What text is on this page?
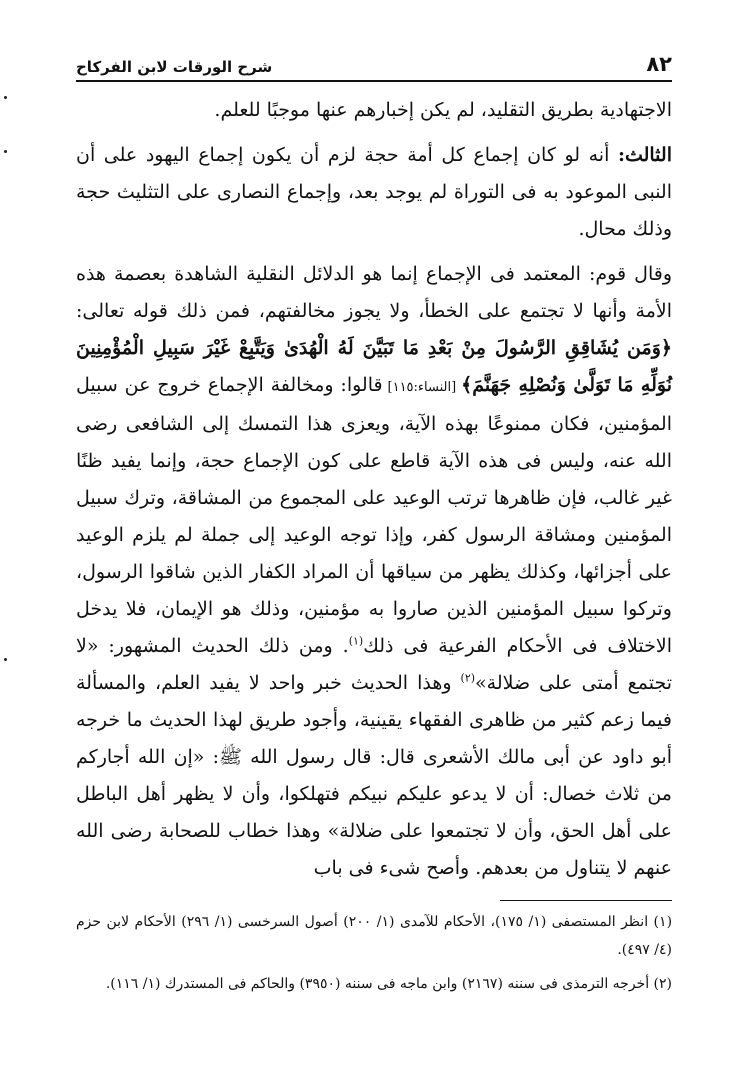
٨٢
شرح الورقات لابن الفركاح

الاجتهادية بطريق التقليد، لم يكن إخبارهم عنها موجبًا للعلم.

الثالث: أنه لو كان إجماع كل أمة حجة لزم أن يكون إجماع اليهود على أن النبى الموعود به فى التوراة لم يوجد بعد، وإجماع النصارى على التثليث حجة وذلك محال.

وقال قوم: المعتمد فى الإجماع إنما هو الدلائل النقلية الشاهدة بعصمة هذه الأمة وأنها لا تجتمع على الخطأ، ولا يجوز مخالفتهم، فمن ذلك قوله تعالى: ﴿وَمَن يُشَاقِقِ الرَّسُولَ مِنْ بَعْدِ مَا تَبَيَّنَ لَهُ الْهُدَىٰ وَيَتَّبِعْ غَيْرَ سَبِيلِ الْمُؤْمِنِينَ نُوَلِّهِ مَا تَوَلَّىٰ وَنُصْلِهِ جَهَنَّمَ﴾ [النساء:١١٥] قالوا: ومخالفة الإجماع خروج عن سبيل المؤمنين، فكان ممنوعًا بهذه الآية، ويعزى هذا التمسك إلى الشافعى رضى الله عنه، وليس فى هذه الآية قاطع على كون الإجماع حجة، وإنما يفيد ظنًا غير غالب، فإن ظاهرها ترتب الوعيد على المجموع من المشاقة، وترك سبيل المؤمنين ومشاقة الرسول كفر، وإذا توجه الوعيد إلى جملة لم يلزم الوعيد على أجزائها، وكذلك يظهر من سياقها أن المراد الكفار الذين شاقوا الرسول، وتركوا سبيل المؤمنين الذين صاروا به مؤمنين، وذلك هو الإيمان، فلا يدخل الاختلاف فى الأحكام الفرعية فى ذلك$^{(١)}$. ومن ذلك الحديث المشهور: «لا تجتمع أمتى على ضلالة»$^{(٢)}$ وهذا الحديث خبر واحد لا يفيد العلم، والمسألة فيما زعم كثير من ظاهرى الفقهاء يقينية، وأجود طريق لهذا الحديث ما خرجه أبو داود عن أبى مالك الأشعرى قال: قال رسول الله ﷺ: «إن الله أجاركم من ثلاث خصال: أن لا يدعو عليكم نبيكم فتهلكوا، وأن لا يظهر أهل الباطل على أهل الحق، وأن لا تجتمعوا على ضلالة» وهذا خطاب للصحابة رضى الله عنهم لا يتناول من بعدهم. وأصح شىء فى باب

(١) انظر المستصفى (١/ ١٧٥)، الأحكام للآمدى (١/ ٢٠٠) أصول السرخسى (١/ ٢٩٦) الأحكام لابن حزم (٤/ ٤٩٧).

(٢) أخرجه الترمذى فى سننه (٢١٦٧) وابن ماجه فى سننه (٣٩٥٠) والحاكم فى المستدرك (١/ ١١٦).
